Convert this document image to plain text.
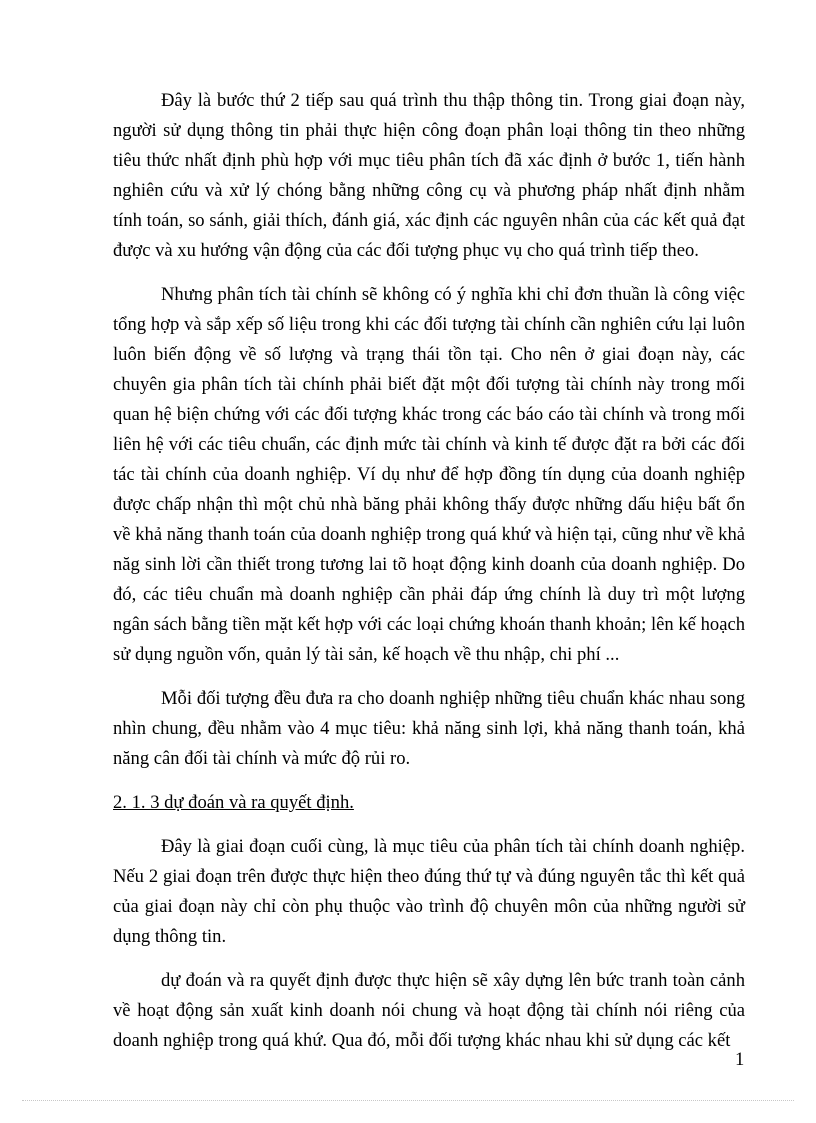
Đây là bước thứ 2 tiếp sau quá trình thu thập thông tin. Trong giai đoạn này, người sử dụng thông tin phải thực hiện công đoạn phân loại thông tin theo những tiêu thức nhất định phù hợp với mục tiêu phân tích đã xác định ở bước 1, tiến hành nghiên cứu và xử lý chóng bằng những công cụ và phương pháp nhất định nhằm tính toán, so sánh, giải thích, đánh giá, xác định các nguyên nhân của các kết quả đạt được và xu hướng vận động của các đối tượng phục vụ cho quá trình tiếp theo.

Nhưng phân tích tài chính sẽ không có ý nghĩa khi chỉ đơn thuần là công việc tổng hợp và sắp xếp số liệu trong khi các đối tượng tài chính cần nghiên cứu lại luôn luôn biến động về số lượng và trạng thái tồn tại. Cho nên ở giai đoạn này, các chuyên gia phân tích tài chính phải biết đặt một đối tượng tài chính này trong mối quan hệ biện chứng với các đối tượng khác trong các báo cáo tài chính và trong mối liên hệ với các tiêu chuẩn, các định mức tài chính và kinh tế được đặt ra bởi các đối tác tài chính của doanh nghiệp. Ví dụ như để hợp đồng tín dụng của doanh nghiệp được chấp nhận thì một chủ nhà băng phải không thấy được những dấu hiệu bất ổn về khả năng thanh toán của doanh nghiệp trong quá khứ và hiện tại, cũng như về khả năg sinh lời cần thiết trong tương lai tõ hoạt động kinh doanh của doanh nghiệp. Do đó, các tiêu chuẩn mà doanh nghiệp cần phải đáp ứng chính là duy trì một lượng ngân sách bằng tiền mặt kết hợp với các loại chứng khoán thanh khoản; lên kế hoạch sử dụng nguồn vốn, quản lý tài sản, kế hoạch về thu nhập, chi phí ...

Mỗi đối tượng đều đưa ra cho doanh nghiệp những tiêu chuẩn khác nhau song nhìn chung, đều nhằm vào 4 mục tiêu: khả năng sinh lợi, khả năng thanh toán, khả năng cân đối tài chính và mức độ rủi ro.

2. 1. 3 dự đoán và ra quyết định.

Đây là giai đoạn cuối cùng, là mục tiêu của phân tích tài chính doanh nghiệp. Nếu 2 giai đoạn trên được thực hiện theo đúng thứ tự và đúng nguyên tắc thì kết quả của giai đoạn này chỉ còn phụ thuộc vào trình độ chuyên môn của những người sử dụng thông tin.

dự đoán và ra quyết định được thực hiện sẽ xây dựng lên bức tranh toàn cảnh về hoạt động sản xuất kinh doanh nói chung và hoạt động tài chính nói riêng của doanh nghiệp trong quá khứ. Qua đó, mỗi đối tượng khác nhau khi sử dụng các kết

1
